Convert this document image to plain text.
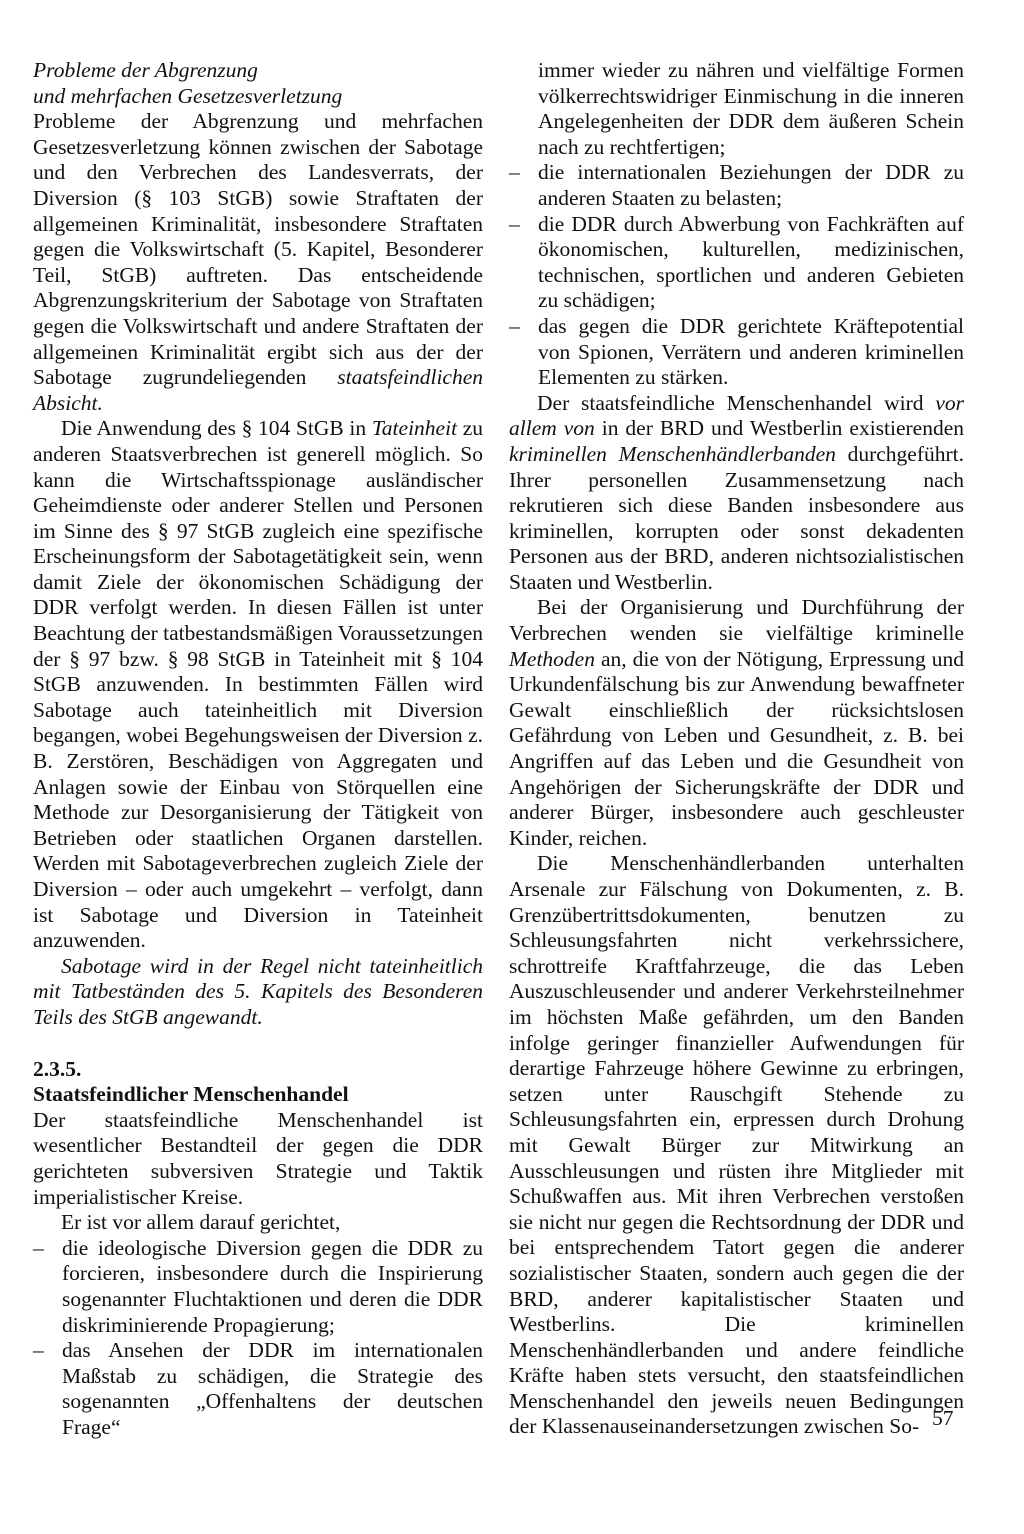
Probleme der Abgrenzung

und mehrfachen Gesetzesverletzung

Probleme der Abgrenzung und mehrfachen Gesetzesverletzung können zwischen der Sabotage und den Verbrechen des Landesverrats, der Diversion (§ 103 StGB) sowie Straftaten der allgemeinen Kriminalität, insbesondere Straftaten gegen die Volkswirtschaft (5. Kapitel, Besonderer Teil, StGB) auftreten. Das entscheidende Abgrenzungskriterium der Sabotage von Straftaten gegen die Volkswirtschaft und andere Straftaten der allgemeinen Kriminalität ergibt sich aus der der Sabotage zugrundeliegenden staatsfeindlichen Absicht.

Die Anwendung des § 104 StGB in Tateinheit zu anderen Staatsverbrechen ist generell möglich. So kann die Wirtschaftsspionage ausländischer Geheimdienste oder anderer Stellen und Personen im Sinne des § 97 StGB zugleich eine spezifische Erscheinungsform der Sabotagetätigkeit sein, wenn damit Ziele der ökonomischen Schädigung der DDR verfolgt werden. In diesen Fällen ist unter Beachtung der tatbestandsmäßigen Voraussetzungen der § 97 bzw. § 98 StGB in Tateinheit mit § 104 StGB anzuwenden. In bestimmten Fällen wird Sabotage auch tateinheitlich mit Diversion begangen, wobei Begehungsweisen der Diversion z. B. Zerstören, Beschädigen von Aggregaten und Anlagen sowie der Einbau von Störquellen eine Methode zur Desorganisierung der Tätigkeit von Betrieben oder staatlichen Organen darstellen. Werden mit Sabotageverbrechen zugleich Ziele der Diversion – oder auch umgekehrt – verfolgt, dann ist Sabotage und Diversion in Tateinheit anzuwenden.

Sabotage wird in der Regel nicht tateinheitlich mit Tatbeständen des 5. Kapitels des Besonderen Teils des StGB angewandt.

2.3.5.

Staatsfeindlicher Menschenhandel

Der staatsfeindliche Menschenhandel ist wesentlicher Bestandteil der gegen die DDR gerichteten subversiven Strategie und Taktik imperialistischer Kreise.

Er ist vor allem darauf gerichtet,

– die ideologische Diversion gegen die DDR zu forcieren, insbesondere durch die Inspirierung sogenannter Fluchtaktionen und deren die DDR diskriminierende Propagierung;
– das Ansehen der DDR im internationalen Maßstab zu schädigen, die Strategie des sogenannten „Offenhaltens der deutschen Frage“

immer wieder zu nähren und vielfältige Formen völkerrechtswidriger Einmischung in die inneren Angelegenheiten der DDR dem äußeren Schein nach zu rechtfertigen;

– die internationalen Beziehungen der DDR zu anderen Staaten zu belasten;
– die DDR durch Abwerbung von Fachkräften auf ökonomischen, kulturellen, medizinischen, technischen, sportlichen und anderen Gebieten zu schädigen;
– das gegen die DDR gerichtete Kräftepotential von Spionen, Verrätern und anderen kriminellen Elementen zu stärken.

Der staatsfeindliche Menschenhandel wird vor allem von in der BRD und Westberlin existierenden kriminellen Menschenhändlerbanden durchgeführt. Ihrer personellen Zusammensetzung nach rekrutieren sich diese Banden insbesondere aus kriminellen, korrupten oder sonst dekadenten Personen aus der BRD, anderen nichtsozialistischen Staaten und Westberlin.

Bei der Organisierung und Durchführung der Verbrechen wenden sie vielfältige kriminelle Methoden an, die von der Nötigung, Erpressung und Urkundenfälschung bis zur Anwendung bewaffneter Gewalt einschließlich der rücksichtslosen Gefährdung von Leben und Gesundheit, z. B. bei Angriffen auf das Leben und die Gesundheit von Angehörigen der Sicherungskräfte der DDR und anderer Bürger, insbesondere auch geschleuster Kinder, reichen.

Die Menschenhändlerbanden unterhalten Arsenale zur Fälschung von Dokumenten, z. B. Grenzübertrittsdokumenten, benutzen zu Schleusungsfahrten nicht verkehrssichere, schrottreife Kraftfahrzeuge, die das Leben Auszuschleusender und anderer Verkehrsteilnehmer im höchsten Maße gefährden, um den Banden infolge geringer finanzieller Aufwendungen für derartige Fahrzeuge höhere Gewinne zu erbringen, setzen unter Rauschgift Stehende zu Schleusungsfahrten ein, erpressen durch Drohung mit Gewalt Bürger zur Mitwirkung an Ausschleusungen und rüsten ihre Mitglieder mit Schußwaffen aus. Mit ihren Verbrechen verstoßen sie nicht nur gegen die Rechtsordnung der DDR und bei entsprechendem Tatort gegen die anderer sozialistischer Staaten, sondern auch gegen die der BRD, anderer kapitalistischer Staaten und Westberlins. Die kriminellen Menschenhändlerbanden und andere feindliche Kräfte haben stets versucht, den staatsfeindlichen Menschenhandel den jeweils neuen Bedingungen der Klassenauseinandersetzungen zwischen So- 57
